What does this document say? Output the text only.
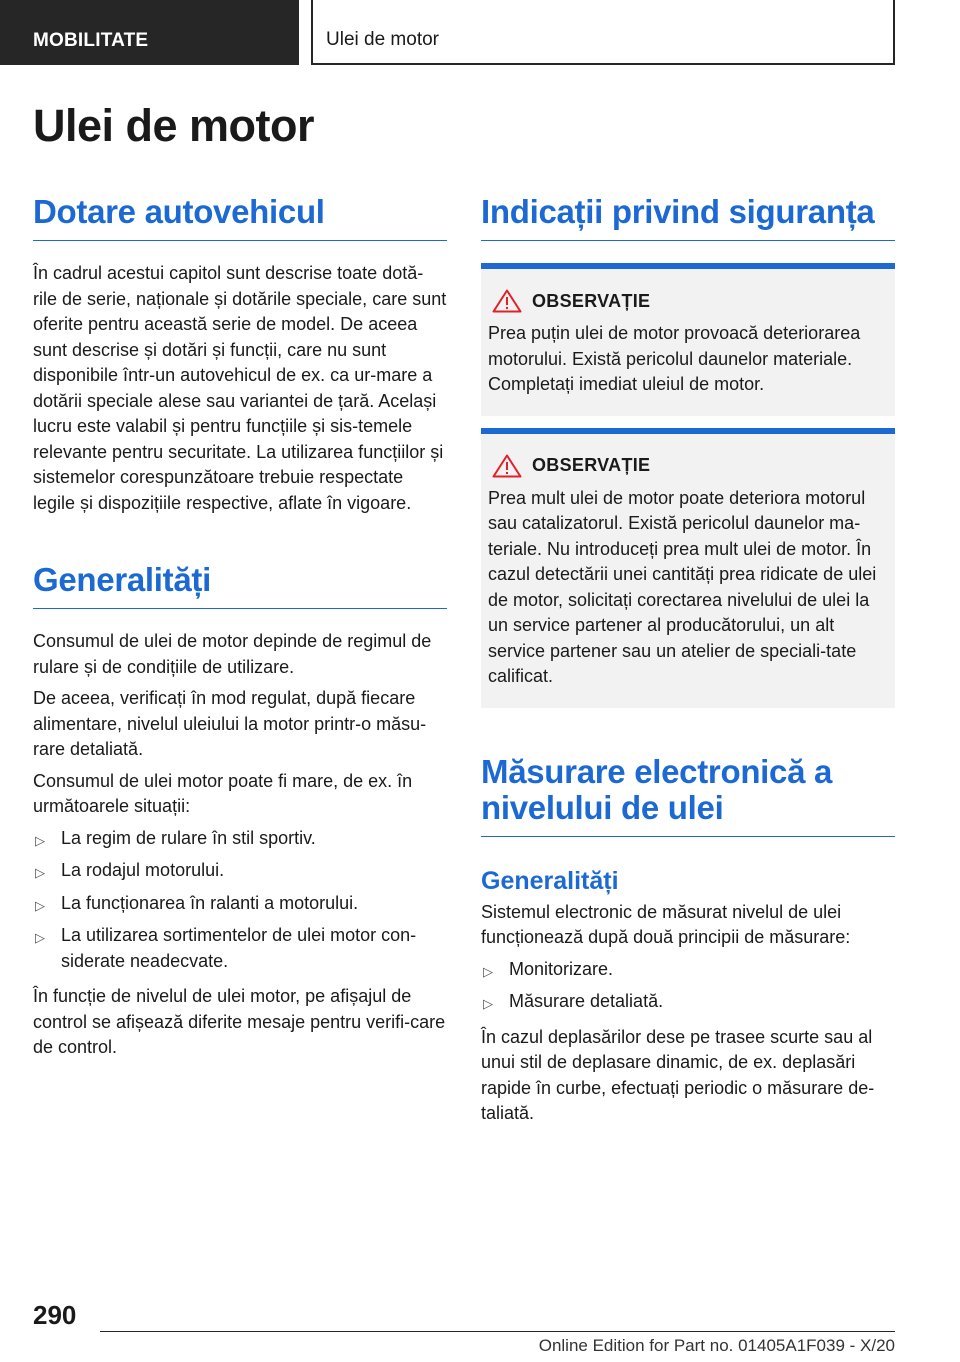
MOBILITATE	Ulei de motor
Ulei de motor
Dotare autovehicul

În cadrul acestui capitol sunt descrise toate dotă-rile de serie, naționale și dotările speciale, care sunt oferite pentru această serie de model. De aceea sunt descrise și dotări și funcții, care nu sunt disponibile într-un autovehicul de ex. ca ur-mare a dotării speciale alese sau variantei de țară. Același lucru este valabil și pentru funcțiile și sis-temele relevante pentru securitate. La utilizarea funcțiilor și sistemelor corespunzătoare trebuie respectate legile și dispozițiile respective, aflate în vigoare.

Generalități

Consumul de ulei de motor depinde de regimul de rulare și de condițiile de utilizare.

De aceea, verificați în mod regulat, după fiecare alimentare, nivelul uleiului la motor printr-o măsu-rare detaliată.

Consumul de ulei motor poate fi mare, de ex. în următoarele situații:

▷ La regim de rulare în stil sportiv.
▷ La rodajul motorului.
▷ La funcționarea în ralanti a motorului.
▷ La utilizarea sortimentelor de ulei motor con-siderate neadecvate.

În funcție de nivelul de ulei motor, pe afișajul de control se afișează diferite mesaje pentru verifi-care de control.

Indicații privind siguranța
OBSERVAȚIE

Prea puțin ulei de motor provoacă deteriorarea motorului. Există pericolul daunelor materiale. Completați imediat uleiul de motor.

OBSERVAȚIE

Prea mult ulei de motor poate deteriora motorul sau catalizatorul. Există pericolul daunelor ma-teriale. Nu introduceți prea mult ulei de motor. În cazul detectării unei cantități prea ridicate de ulei de motor, solicitați corectarea nivelului de ulei la un service partener al producătorului, un alt service partener sau un atelier de speciali-tate calificat.

Măsurare electronică a nivelului de ulei
Generalități

Sistemul electronic de măsurat nivelul de ulei funcționează după două principii de măsurare:

▷ Monitorizare.
▷ Măsurare detaliată.

În cazul deplasărilor dese pe trasee scurte sau al unui stil de deplasare dinamic, de ex. deplasări rapide în curbe, efectuați periodic o măsurare de-taliată.

290
Online Edition for Part no. 01405A1F039 - X/20
